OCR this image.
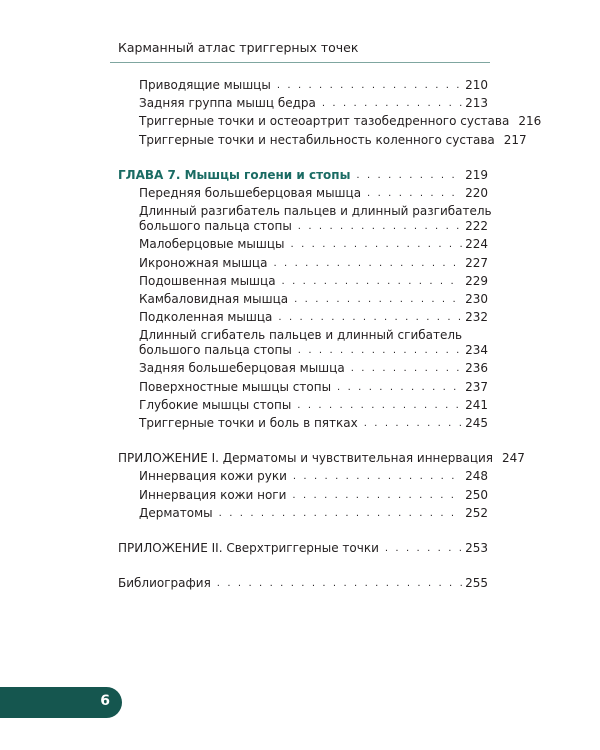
Карманный атлас триггерных точек
Приводящие мышцы . . .	210
Задняя группа мышц бедра . . .	213
Триггерные точки и остеоартрит тазобедренного сустава 216
Триггерные точки и нестабильность коленного сустава 217
ГЛАВА 7. Мышцы голени и стопы . . .	219
Передняя большеберцовая мышца . . .	220
Длинный разгибатель пальцев и длинный разгибатель
большого пальца стопы . . .	222
Малоберцовые мышцы . . .	224
Икроножная мышца . . .	227
Подошвенная мышца . . .	229
Камбаловидная мышца . . .	230
Подколенная мышца . . .	232
Длинный сгибатель пальцев и длинный сгибатель
большого пальца стопы . . .	234
Задняя большеберцовая мышца . . .	236
Поверхностные мышцы стопы . . .	237
Глубокие мышцы стопы . . .	241
Триггерные точки и боль в пятках . . .	245
ПРИЛОЖЕНИЕ I. Дерматомы и чувствительная иннервация 247
Иннервация кожи руки . . .	248
Иннервация кожи ноги . . .	250
Дерматомы . . .	252
ПРИЛОЖЕНИЕ II. Сверхтриггерные точки . . .	253
Библиография . . .	255
6
